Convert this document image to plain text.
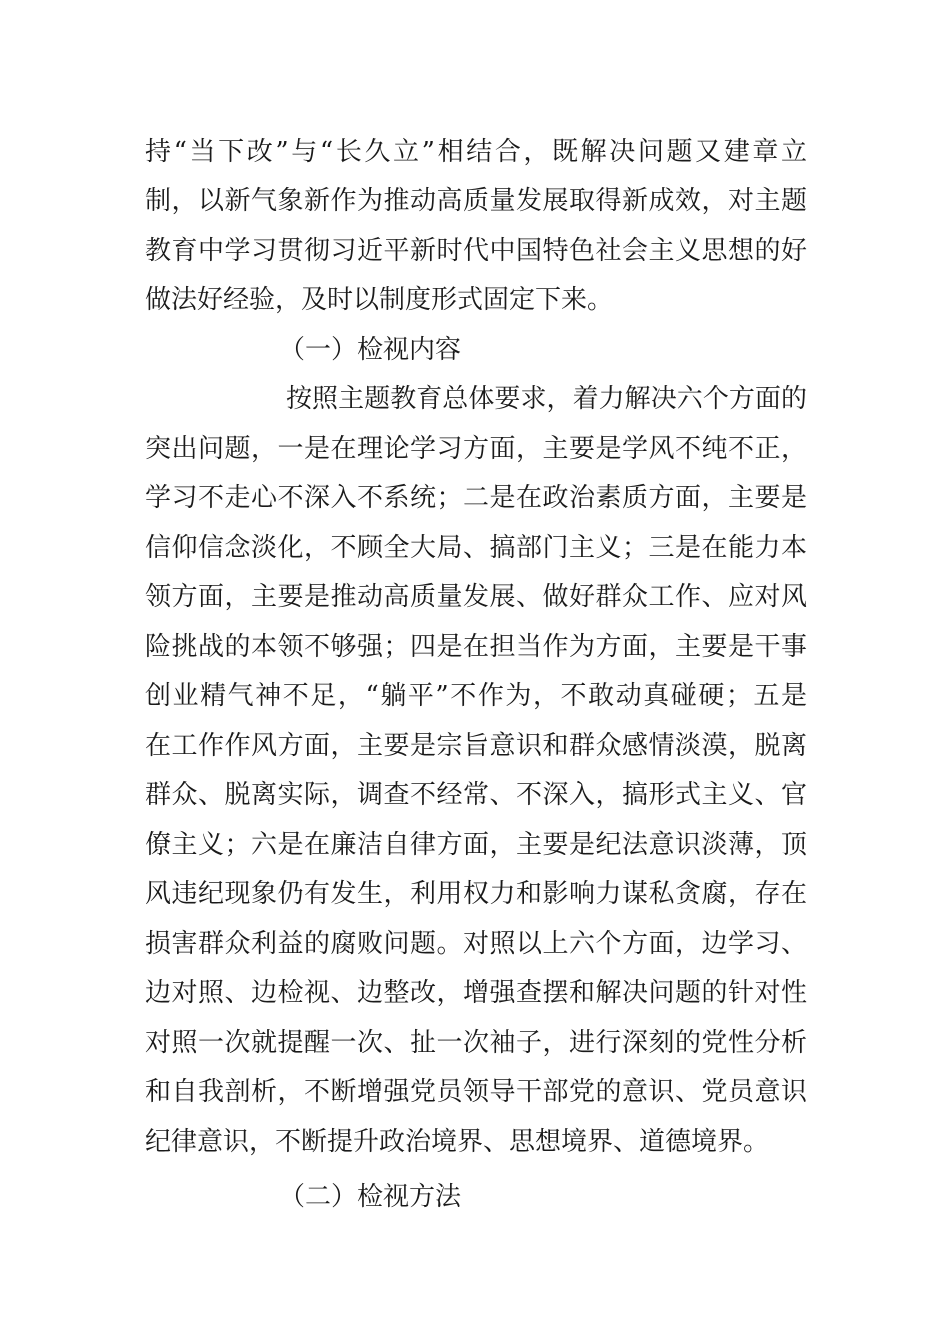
持“当下改”与“长久立”相结合，既解决问题又建章立
制，以新气象新作为推动高质量发展取得新成效，对主题
教育中学习贯彻习近平新时代中国特色社会主义思想的好
做法好经验，及时以制度形式固定下来。
（一）检视内容
按照主题教育总体要求，着力解决六个方面的
突出问题，一是在理论学习方面，主要是学风不纯不正，
学习不走心不深入不系统；二是在政治素质方面，主要是
信仰信念淡化，不顾全大局、搞部门主义；三是在能力本
领方面，主要是推动高质量发展、做好群众工作、应对风
险挑战的本领不够强；四是在担当作为方面，主要是干事
创业精气神不足，“躺平”不作为，不敢动真碰硬；五是
在工作作风方面，主要是宗旨意识和群众感情淡漠，脱离
群众、脱离实际，调查不经常、不深入，搞形式主义、官
僚主义；六是在廉洁自律方面，主要是纪法意识淡薄，顶
风违纪现象仍有发生，利用权力和影响力谋私贪腐，存在
损害群众利益的腐败问题。对照以上六个方面，边学习、
边对照、边检视、边整改，增强查摆和解决问题的针对性
对照一次就提醒一次、扯一次袖子，进行深刻的党性分析
和自我剖析，不断增强党员领导干部党的意识、党员意识
纪律意识，不断提升政治境界、思想境界、道德境界。
（二）检视方法
